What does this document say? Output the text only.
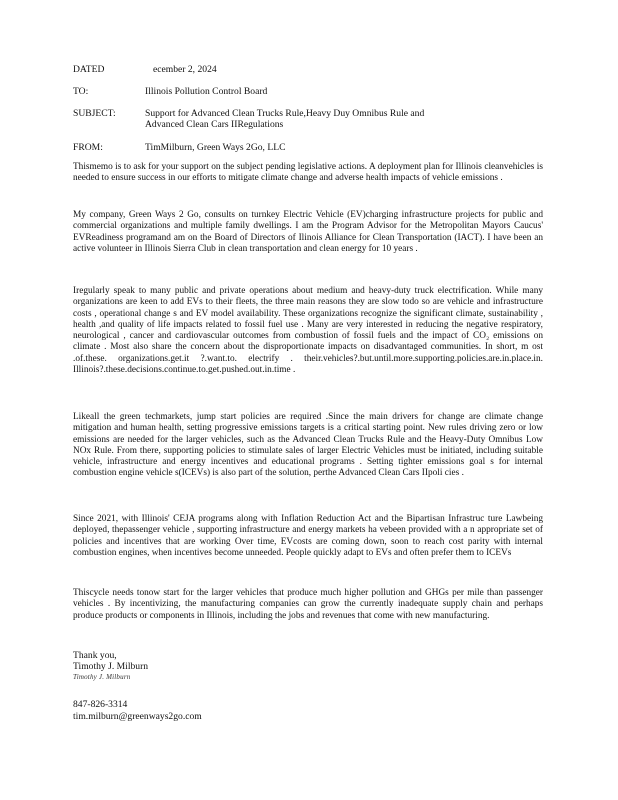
DATED	ecember 2, 2024
TO:	Illinois Pollution Control Board
SUBJECT:	Support for Advanced Clean Trucks Rule,Heavy Duy Omnibus Rule and Advanced Clean Cars IIRegulations
FROM:	TimMilburn, Green Ways 2Go, LLC

Thismemo is to ask for your support on the subject pending legislative actions. A deployment plan for Illinois cleanvehicles is needed to ensure success in our efforts to mitigate climate change and adverse health impacts of vehicle emissions .

My company, Green Ways 2 Go, consults on turnkey Electric Vehicle (EV)charging infrastructure projects for public and commercial organizations and multiple family dwellings. I am the Program Advisor for the Metropolitan Mayors Caucus' EVReadiness programand am on the Board of Directors of Ilinois Alliance for Clean Transportation (IACT). I have been an active volunteer in Illinois Sierra Club in clean transportation and clean energy for 10 years .

Iregularly speak to many public and private operations about medium and heavy-duty truck electrification. While many organizations are keen to add EVs to their fleets, the three main reasons they are slow todo so are vehicle and infrastructure costs , operational change s and EV model availability. These organizations recognize the significant climate, sustainability , health ,and quality of life impacts related to fossil fuel use . Many are very interested in reducing the negative respiratory, neurological , cancer and cardiovascular outcomes from combustion of fossil fuels and the impact of CO₂ emissions on climate . Most also share the concern about the disproportionate impacts on disadvantaged communities. In short, m ost .of.these. organizations.get.it ?.want.to. electrify . their.vehicles?.but.until.more.supporting.policies.are.in.place.in. Illinois?.these.decisions.continue.to.get.pushed.out.in.time .

Likeall the green techmarkets, jump start policies are required .Since the main drivers for change are climate change mitigation and human health, setting progressive emissions targets is a critical starting point. New rules driving zero or low emissions are needed for the larger vehicles, such as the Advanced Clean Trucks Rule and the Heavy-Duty Omnibus Low NOx Rule. From there, supporting policies to stimulate sales of larger Electric Vehicles must be initiated, including suitable vehicle, infrastructure and energy incentives and educational programs . Setting tighter emissions goal s for internal combustion engine vehicle s(ICEVs) is also part of the solution, perthe Advanced Clean Cars IIpoli cies .

Since 2021, with Illinois' CEJA programs along with Inflation Reduction Act and the Bipartisan Infrastruc ture Lawbeing deployed, thepassenger vehicle , supporting infrastructure and energy markets ha vebeen provided with a n appropriate set of policies and incentives that are working Over time, EVcosts are coming down, soon to reach cost parity with internal combustion engines, when incentives become unneeded. People quickly adapt to EVs and often prefer them to ICEVs

Thiscycle needs tonow start for the larger vehicles that produce much higher pollution and GHGs per mile than passenger vehicles . By incentivizing, the manufacturing companies can grow the currently inadequate supply chain and perhaps produce products or components in Illinois, including the jobs and revenues that come with new manufacturing.

Thank you,
Timothy J. Milburn
Timothy J. Milburn
847-826-3314
tim.milburn@greenways2go.com
